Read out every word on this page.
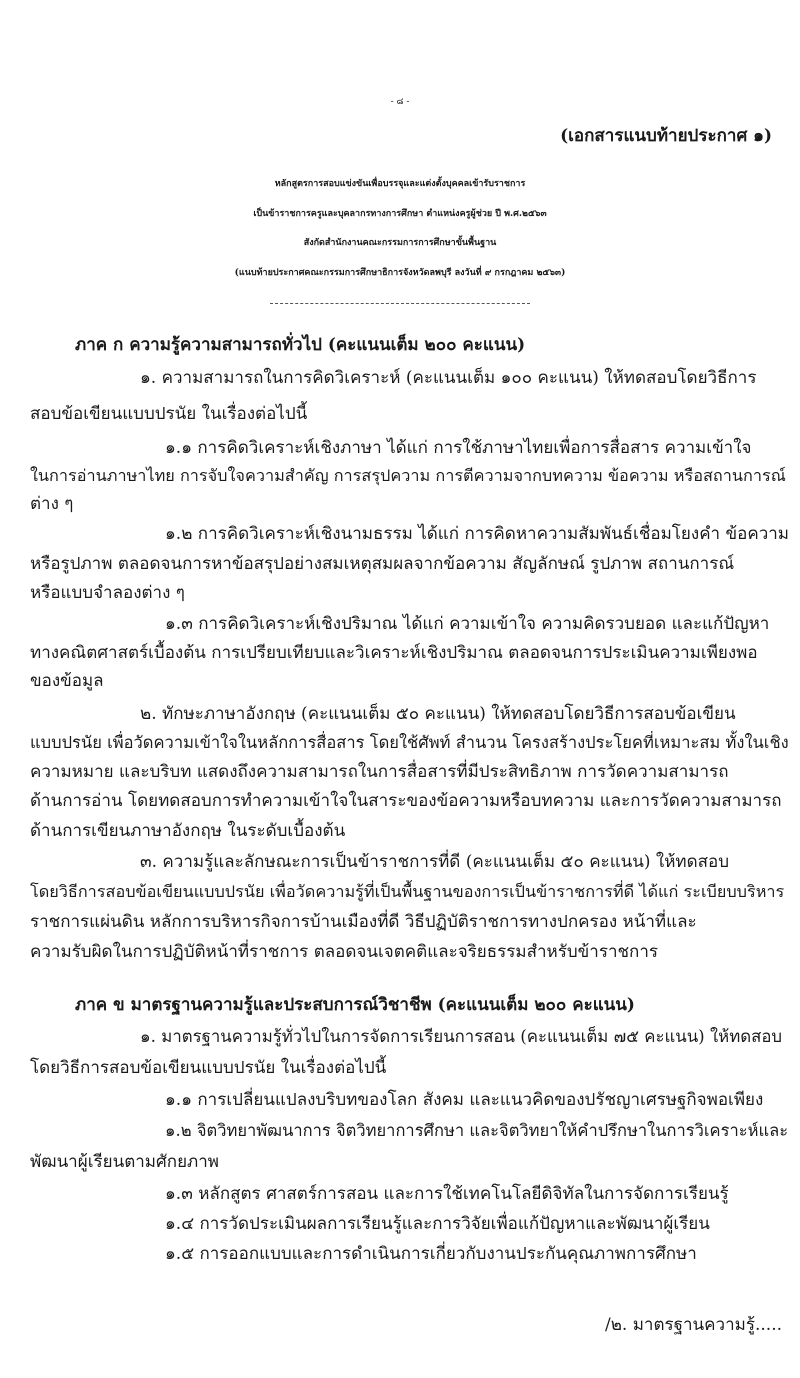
- ๘ -
(เอกสารแนบท้ายประกาศ ๑)
หลักสูตรการสอบแข่งขันเพื่อบรรจุและแต่งตั้งบุคคลเข้ารับราชการ
เป็นข้าราชการครูและบุคลากรทางการศึกษา ตำแหน่งครูผู้ช่วย ปี พ.ศ.๒๕๖๓
สังกัดสำนักงานคณะกรรมการการศึกษาขั้นพื้นฐาน
(แนบท้ายประกาศคณะกรรมการศึกษาธิการจังหวัดลพบุรี ลงวันที่ ๙ กรกฎาคม ๒๕๖๓)
ภาค ก ความรู้ความสามารถทั่วไป (คะแนนเต็ม ๒๐๐ คะแนน)
๑. ความสามารถในการคิดวิเคราะห์ (คะแนนเต็ม ๑๐๐ คะแนน) ให้ทดสอบโดยวิธีการ
สอบข้อเขียนแบบปรนัย ในเรื่องต่อไปนี้
๑.๑ การคิดวิเคราะห์เชิงภาษา ได้แก่ การใช้ภาษาไทยเพื่อการสื่อสาร ความเข้าใจ
ในการอ่านภาษาไทย การจับใจความสำคัญ การสรุปความ การตีความจากบทความ ข้อความ หรือสถานการณ์
ต่าง ๆ
๑.๒ การคิดวิเคราะห์เชิงนามธรรม ได้แก่ การคิดหาความสัมพันธ์เชื่อมโยงคำ ข้อความ
หรือรูปภาพ ตลอดจนการหาข้อสรุปอย่างสมเหตุสมผลจากข้อความ สัญลักษณ์ รูปภาพ สถานการณ์
หรือแบบจำลองต่าง ๆ
๑.๓ การคิดวิเคราะห์เชิงปริมาณ ได้แก่ ความเข้าใจ ความคิดรวบยอด และแก้ปัญหา
ทางคณิตศาสตร์เบื้องต้น การเปรียบเทียบและวิเคราะห์เชิงปริมาณ ตลอดจนการประเมินความเพียงพอ
ของข้อมูล
๒. ทักษะภาษาอังกฤษ (คะแนนเต็ม ๕๐ คะแนน) ให้ทดสอบโดยวิธีการสอบข้อเขียน
แบบปรนัย เพื่อวัดความเข้าใจในหลักการสื่อสาร โดยใช้ศัพท์ สำนวน โครงสร้างประโยคที่เหมาะสม ทั้งในเชิง
ความหมาย และบริบท แสดงถึงความสามารถในการสื่อสารที่มีประสิทธิภาพ การวัดความสามารถ
ด้านการอ่าน โดยทดสอบการทำความเข้าใจในสาระของข้อความหรือบทความ และการวัดความสามารถ
ด้านการเขียนภาษาอังกฤษ ในระดับเบื้องต้น
๓. ความรู้และลักษณะการเป็นข้าราชการที่ดี (คะแนนเต็ม ๕๐ คะแนน) ให้ทดสอบ
โดยวิธีการสอบข้อเขียนแบบปรนัย เพื่อวัดความรู้ที่เป็นพื้นฐานของการเป็นข้าราชการที่ดี ได้แก่ ระเบียบบริหาร
ราชการแผ่นดิน หลักการบริหารกิจการบ้านเมืองที่ดี วิธีปฏิบัติราชการทางปกครอง หน้าที่และ
ความรับผิดในการปฏิบัติหน้าที่ราชการ ตลอดจนเจตคติและจริยธรรมสำหรับข้าราชการ
ภาค ข มาตรฐานความรู้และประสบการณ์วิชาชีพ (คะแนนเต็ม ๒๐๐ คะแนน)
๑. มาตรฐานความรู้ทั่วไปในการจัดการเรียนการสอน (คะแนนเต็ม ๗๕ คะแนน) ให้ทดสอบ
โดยวิธีการสอบข้อเขียนแบบปรนัย ในเรื่องต่อไปนี้
๑.๑ การเปลี่ยนแปลงบริบทของโลก สังคม และแนวคิดของปรัชญาเศรษฐกิจพอเพียง
๑.๒ จิตวิทยาพัฒนาการ จิตวิทยาการศึกษา และจิตวิทยาให้คำปรึกษาในการวิเคราะห์และ
พัฒนาผู้เรียนตามศักยภาพ
๑.๓ หลักสูตร ศาสตร์การสอน และการใช้เทคโนโลยีดิจิทัลในการจัดการเรียนรู้
๑.๔ การวัดประเมินผลการเรียนรู้และการวิจัยเพื่อแก้ปัญหาและพัฒนาผู้เรียน
๑.๕ การออกแบบและการดำเนินการเกี่ยวกับงานประกันคุณภาพการศึกษา
/๒. มาตรฐานความรู้.....
